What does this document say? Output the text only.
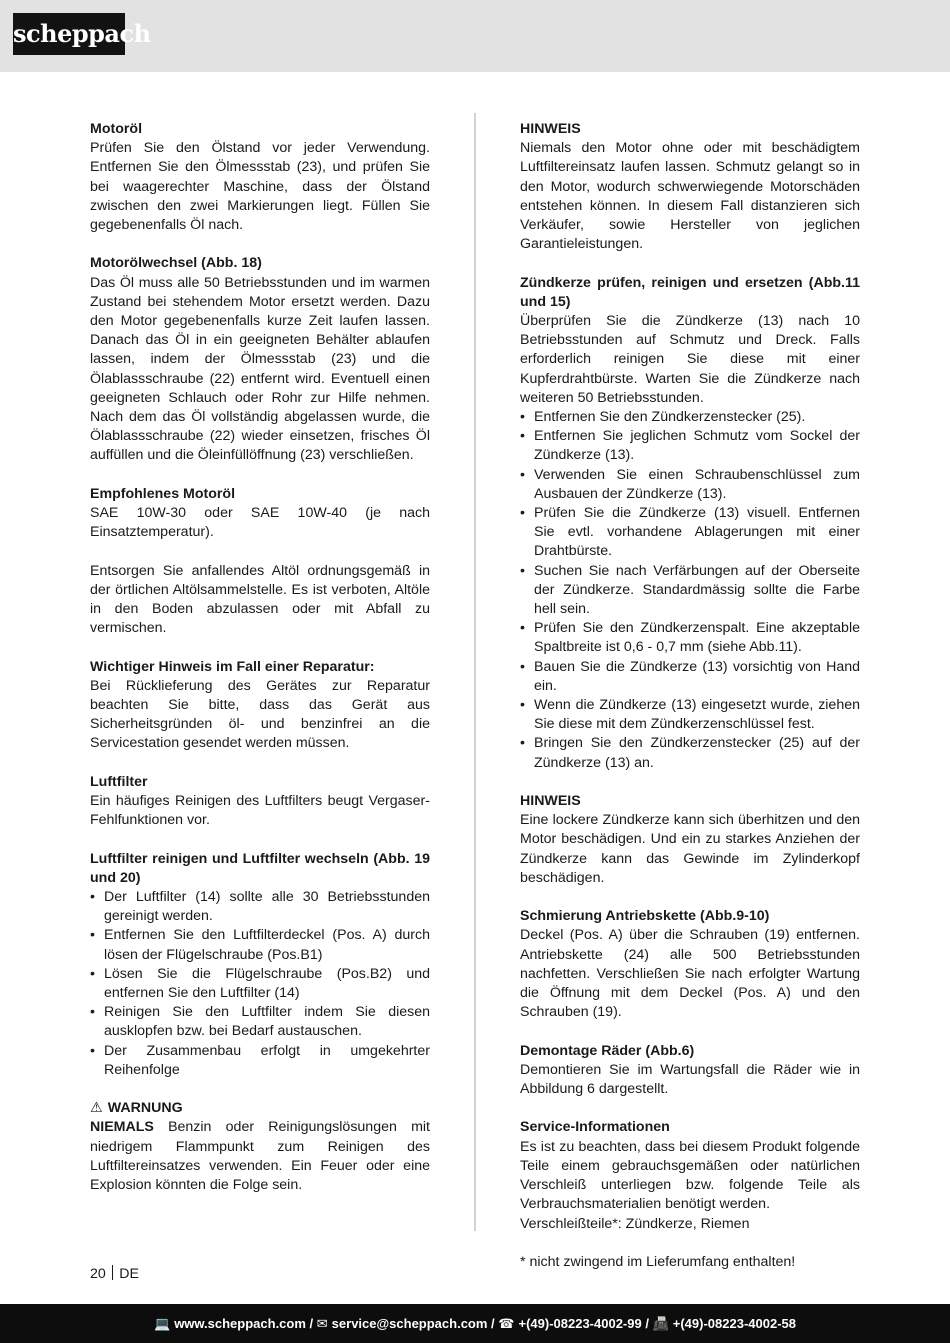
scheppach
Motoröl
Prüfen Sie den Ölstand vor jeder Verwendung. Entfernen Sie den Ölmessstab (23), und prüfen Sie bei waagerechter Maschine, dass der Ölstand zwischen den zwei Markierungen liegt. Füllen Sie gegebenenfalls Öl nach.
Motorölwechsel (Abb. 18)
Das Öl muss alle 50 Betriebsstunden und im warmen Zustand bei stehendem Motor ersetzt werden. Dazu den Motor gegebenenfalls kurze Zeit laufen lassen. Danach das Öl in ein geeigneten Behälter ablaufen lassen, indem der Ölmessstab (23) und die Ölablassschraube (22) entfernt wird. Eventuell einen geeigneten Schlauch oder Rohr zur Hilfe nehmen. Nach dem das Öl vollständig abgelassen wurde, die Ölablassschraube (22) wieder einsetzen, frisches Öl auffüllen und die Öleinfüllöffnung (23) verschließen.
Empfohlenes Motoröl
SAE 10W-30 oder SAE 10W-40 (je nach Einsatztemperatur).
Entsorgen Sie anfallendes Altöl ordnungsgemäß in der örtlichen Altölsammelstelle. Es ist verboten, Altöle in den Boden abzulassen oder mit Abfall zu vermischen.
Wichtiger Hinweis im Fall einer Reparatur:
Bei Rücklieferung des Gerätes zur Reparatur beachten Sie bitte, dass das Gerät aus Sicherheitsgründen öl- und benzinfrei an die Servicestation gesendet werden müssen.
Luftfilter
Ein häufiges Reinigen des Luftfilters beugt Vergaser-Fehlfunktionen vor.
Luftfilter reinigen und Luftfilter wechseln (Abb. 19 und 20)
• Der Luftfilter (14) sollte alle 30 Betriebsstunden gereinigt werden.
• Entfernen Sie den Luftfilterdeckel (Pos. A) durch lösen der Flügelschraube (Pos.B1)
• Lösen Sie die Flügelschraube (Pos.B2) und entfernen Sie den Luftfilter (14)
• Reinigen Sie den Luftfilter indem Sie diesen ausklopfen bzw. bei Bedarf austauschen.
• Der Zusammenbau erfolgt in umgekehrter Reihenfolge
⚠ WARNUNG
NIEMALS Benzin oder Reinigungslösungen mit niedrigem Flammpunkt zum Reinigen des Luftfiltereinsatzes verwenden. Ein Feuer oder eine Explosion könnten die Folge sein.
HINWEIS
Niemals den Motor ohne oder mit beschädigtem Luftfiltereinsatz laufen lassen. Schmutz gelangt so in den Motor, wodurch schwerwiegende Motorschäden entstehen können. In diesem Fall distanzieren sich Verkäufer, sowie Hersteller von jeglichen Garantieleistungen.
Zündkerze prüfen, reinigen und ersetzen (Abb.11 und 15)
Überprüfen Sie die Zündkerze (13) nach 10 Betriebsstunden auf Schmutz und Dreck. Falls erforderlich reinigen Sie diese mit einer Kupferdrahtbürste. Warten Sie die Zündkerze nach weiteren 50 Betriebsstunden.
• Entfernen Sie den Zündkerzenstecker (25).
• Entfernen Sie jeglichen Schmutz vom Sockel der Zündkerze (13).
• Verwenden Sie einen Schraubenschlüssel zum Ausbauen der Zündkerze (13).
• Prüfen Sie die Zündkerze (13) visuell. Entfernen Sie evtl. vorhandene Ablagerungen mit einer Drahtbürste.
• Suchen Sie nach Verfärbungen auf der Oberseite der Zündkerze. Standardmässig sollte die Farbe hell sein.
• Prüfen Sie den Zündkerzenspalt. Eine akzeptable Spaltbreite ist 0,6 - 0,7 mm (siehe Abb.11).
• Bauen Sie die Zündkerze (13) vorsichtig von Hand ein.
• Wenn die Zündkerze (13) eingesetzt wurde, ziehen Sie diese mit dem Zündkerzenschlüssel fest.
• Bringen Sie den Zündkerzenstecker (25) auf der Zündkerze (13) an.
HINWEIS
Eine lockere Zündkerze kann sich überhitzen und den Motor beschädigen. Und ein zu starkes Anziehen der Zündkerze kann das Gewinde im Zylinderkopf beschädigen.
Schmierung Antriebskette (Abb.9-10)
Deckel (Pos. A) über die Schrauben (19) entfernen. Antriebskette (24) alle 500 Betriebsstunden nachfetten. Verschließen Sie nach erfolgter Wartung die Öffnung mit dem Deckel (Pos. A) und den Schrauben (19).
Demontage Räder (Abb.6)
Demontieren Sie im Wartungsfall die Räder wie in Abbildung 6 dargestellt.
Service-Informationen
Es ist zu beachten, dass bei diesem Produkt folgende Teile einem gebrauchsgemäßen oder natürlichen Verschleiß unterliegen bzw. folgende Teile als Verbrauchsmaterialien benötigt werden.
Verschleißteile*: Zündkerze, Riemen
* nicht zwingend im Lieferumfang enthalten!
20 DE
💻 www.scheppach.com / ✉ service@scheppach.com / ☎ +(49)-08223-4002-99 / 📠 +(49)-08223-4002-58
